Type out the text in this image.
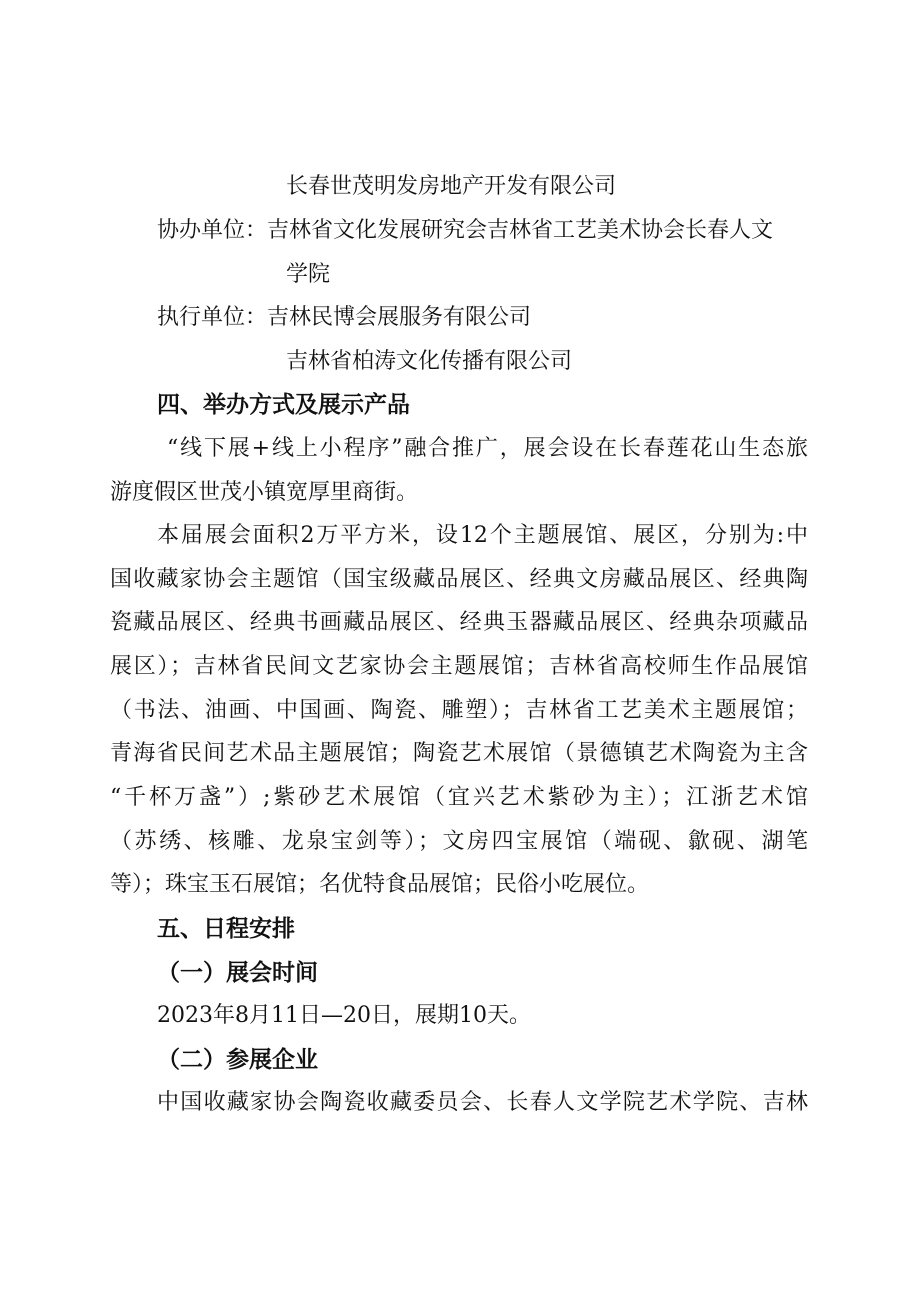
长春世茂明发房地产开发有限公司
协办单位： 吉林省文化发展研究会吉林省工艺美术协会长春人文
学院
执行单位： 吉林民博会展服务有限公司
吉林省柏涛文化传播有限公司
四、举办方式及展示产品
“线下展+线上小程序”融合推广，展会设在长春莲花山生态旅
游度假区世茂小镇宽厚里商街。
本届展会面积2万平方米，设12个主题展馆、展区，分别为:中
国收藏家协会主题馆（国宝级藏品展区、经典文房藏品展区、经典陶
瓷藏品展区、经典书画藏品展区、经典玉器藏品展区、经典杂项藏品
展区）；吉林省民间文艺家协会主题展馆；吉林省高校师生作品展馆
（书法、油画、中国画、陶瓷、雕塑）；吉林省工艺美术主题展馆；
青海省民间艺术品主题展馆；陶瓷艺术展馆（景德镇艺术陶瓷为主含
“千杯万盏”）;紫砂艺术展馆（宜兴艺术紫砂为主）；江浙艺术馆
（苏绣、核雕、龙泉宝剑等）；文房四宝展馆（端砚、歙砚、湖笔
等）；珠宝玉石展馆；名优特食品展馆；民俗小吃展位。
五、日程安排
（一）展会时间
2023年8月11日—20日，展期10天。
（二）参展企业
中国收藏家协会陶瓷收藏委员会、长春人文学院艺术学院、吉林
